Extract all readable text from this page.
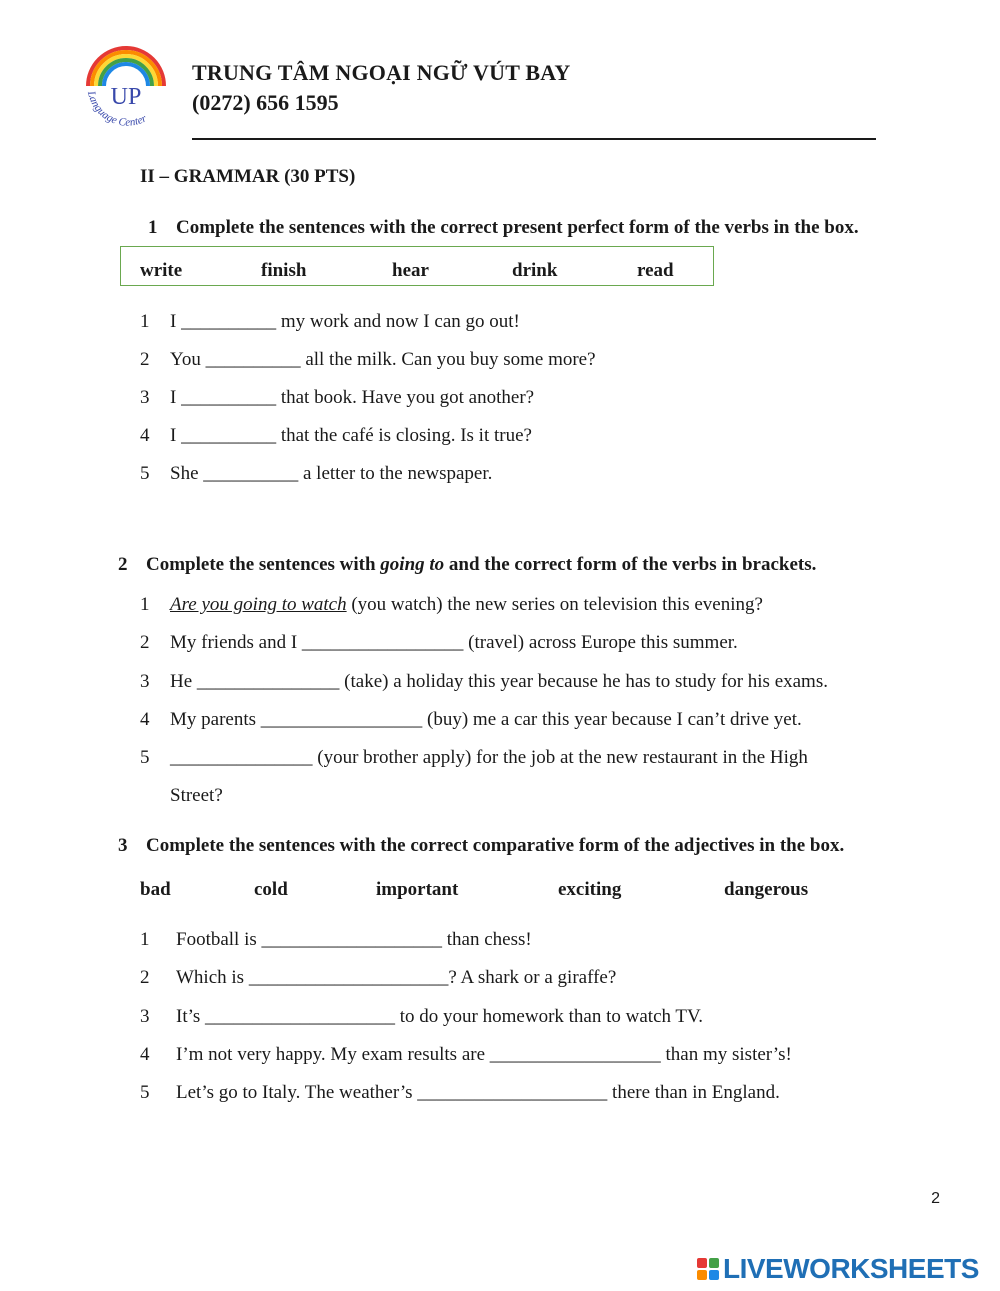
UP
Language Center
TRUNG TÂM NGOẠI NGỮ VÚT BAY
(0272) 656 1595
II – GRAMMAR (30 PTS)
1 Complete the sentences with the correct present perfect form of the verbs in the box.
write	finish	hear	drink	read
1 I __________ my work and now I can go out!
2 You __________ all the milk. Can you buy some more?
3 I __________ that book. Have you got another?
4 I __________ that the café is closing. Is it true?
5 She __________ a letter to the newspaper.
2 Complete the sentences with going to and the correct form of the verbs in brackets.
1 Are you going to watch (you watch) the new series on television this evening?
2 My friends and I _________________ (travel) across Europe this summer.
3 He _______________ (take) a holiday this year because he has to study for his exams.
4 My parents _________________ (buy) me a car this year because I can’t drive yet.
5 _______________ (your brother apply) for the job at the new restaurant in the High
Street?
3 Complete the sentences with the correct comparative form of the adjectives in the box.
bad	cold	important	exciting	dangerous
1 Football is ___________________ than chess!
2 Which is _____________________? A shark or a giraffe?
3 It’s ____________________ to do your homework than to watch TV.
4 I’m not very happy. My exam results are __________________ than my sister’s!
5 Let’s go to Italy. The weather’s ____________________ there than in England.
2
LIVEWORKSHEETS
